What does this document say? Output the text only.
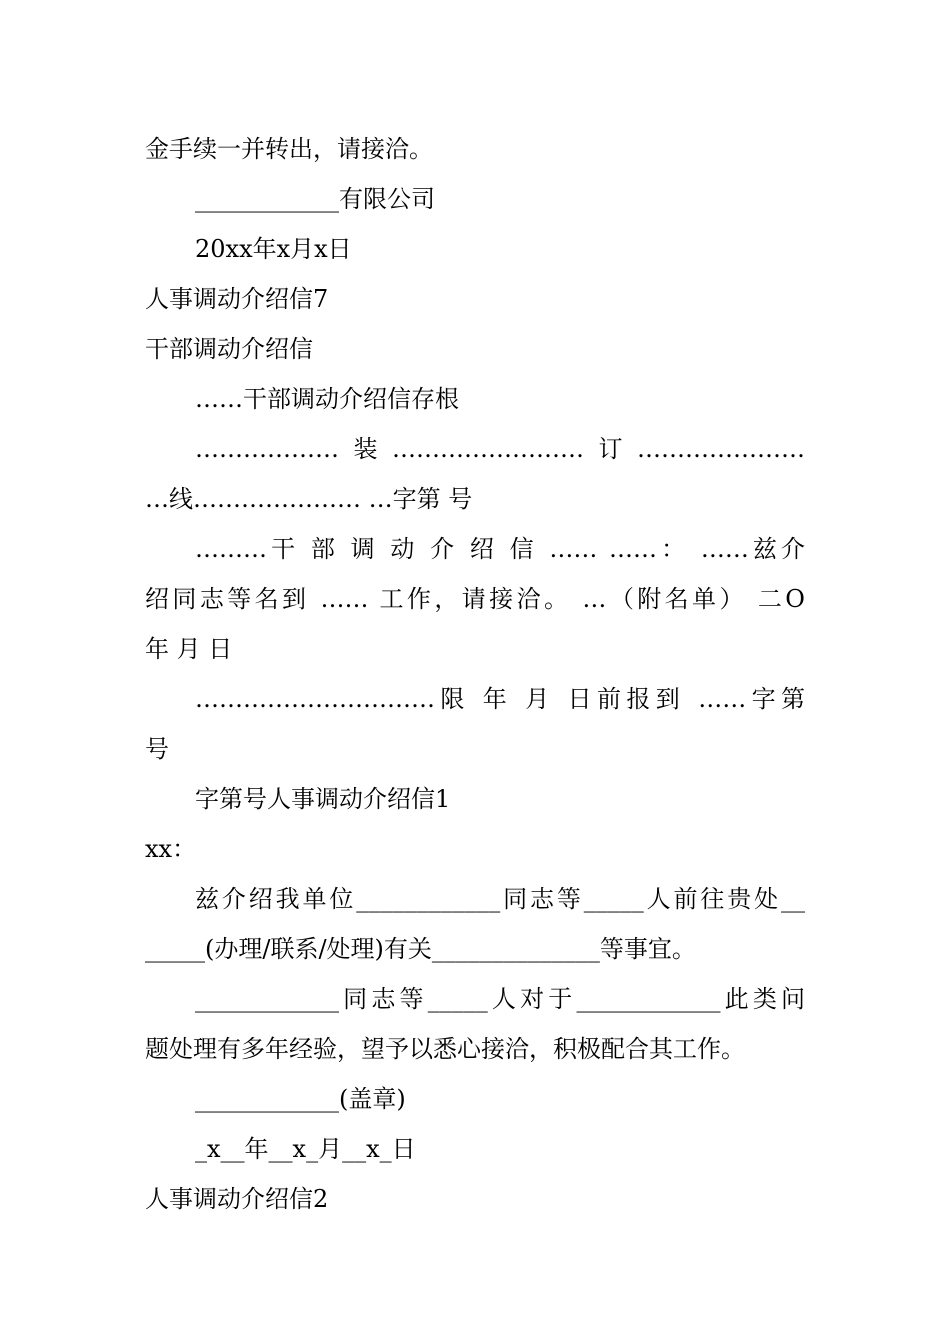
金手续一并转出，请接洽。
____________有限公司
20xx年x月x日
人事调动介绍信7
干部调动介绍信
……干部调动介绍信存根
………………装……………………订…………………
…线………………… …字第 号
………干 部 调 动 介 绍 信 …… ……： ……兹介
绍同志等名到 …… 工作，请接洽。 …（附名单） 二O
年 月 日
…………………………限 年 月 日前报到 ……字第
号
字第号人事调动介绍信1
xx：
兹介绍我单位____________同志等_____人前往贵处__
_____(办理/联系/处理)有关______________等事宜。
____________同志等_____人对于____________此类问
题处理有多年经验，望予以悉心接洽，积极配合其工作。
____________(盖章)
_x__年__x_月__x_日
人事调动介绍信2
